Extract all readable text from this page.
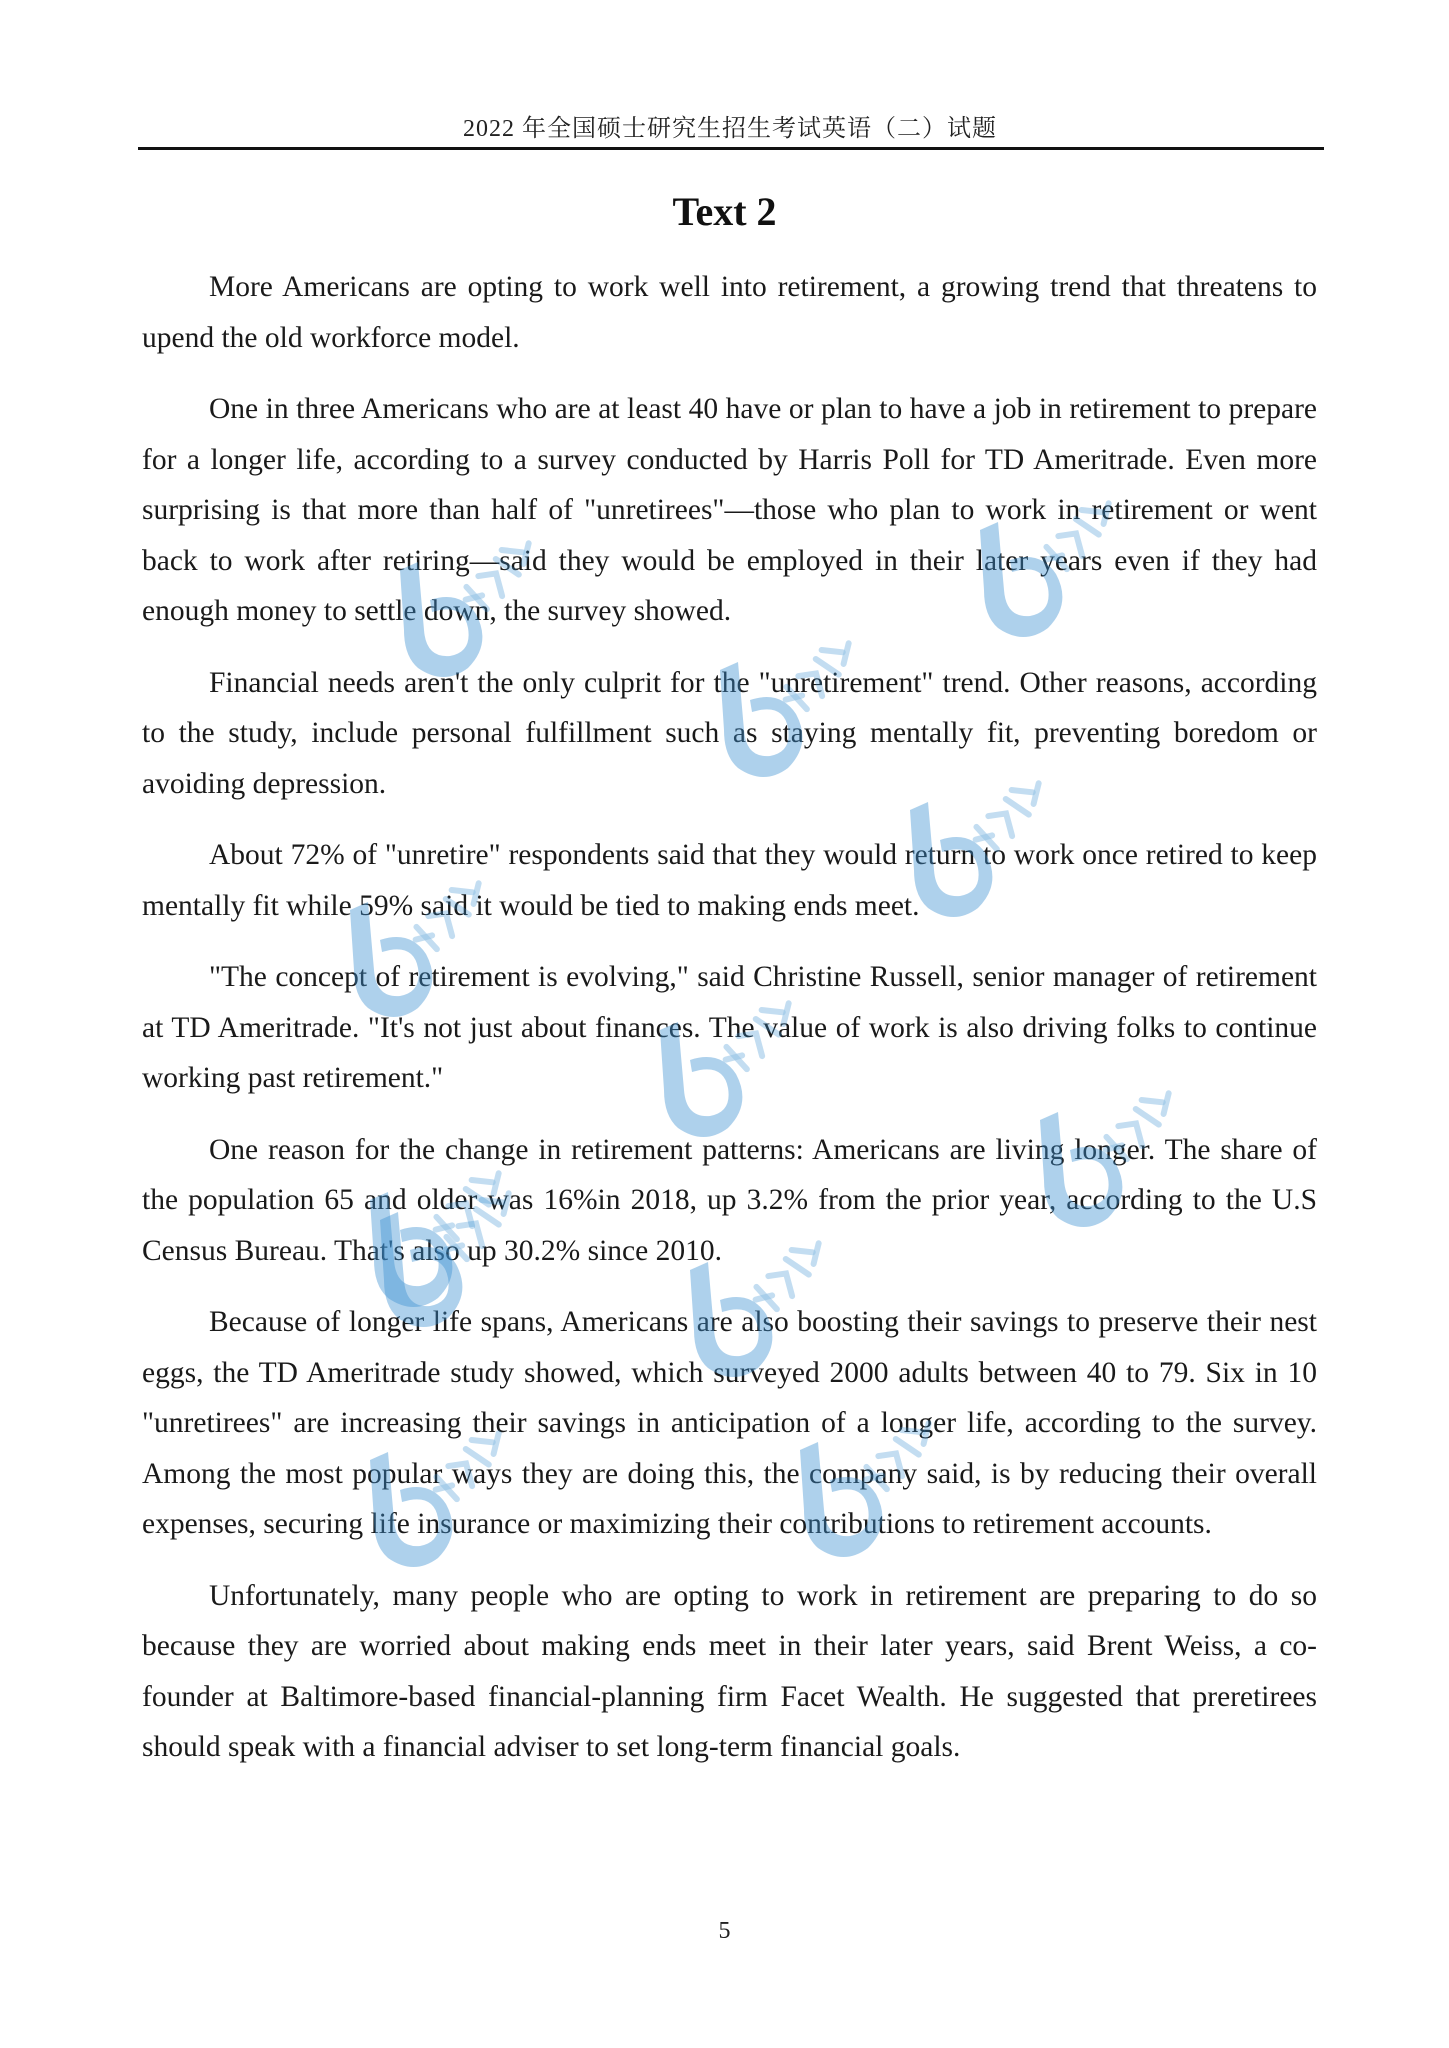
2022 年全国硕士研究生招生考试英语（二）试题
Text 2

More Americans are opting to work well into retirement, a growing trend that threatens to upend the old workforce model.

One in three Americans who are at least 40 have or plan to have a job in retirement to prepare for a longer life, according to a survey conducted by Harris Poll for TD Ameritrade. Even more surprising is that more than half of "unretirees"—those who plan to work in retirement or went back to work after retiring—said they would be employed in their later years even if they had enough money to settle down, the survey showed.

Financial needs aren't the only culprit for the "unretirement" trend. Other reasons, according to the study, include personal fulfillment such as staying mentally fit, preventing boredom or avoiding depression.

About 72% of "unretire" respondents said that they would return to work once retired to keep mentally fit while 59% said it would be tied to making ends meet.

"The concept of retirement is evolving," said Christine Russell, senior manager of retirement at TD Ameritrade. "It's not just about finances. The value of work is also driving folks to continue working past retirement."

One reason for the change in retirement patterns: Americans are living longer. The share of the population 65 and older was 16%in 2018, up 3.2% from the prior year, according to the U.S Census Bureau. That's also up 30.2% since 2010.

Because of longer life spans, Americans are also boosting their savings to preserve their nest eggs, the TD Ameritrade study showed, which surveyed 2000 adults between 40 to 79. Six in 10 "unretirees" are increasing their savings in anticipation of a longer life, according to the survey. Among the most popular ways they are doing this, the company said, is by reducing their overall expenses, securing life insurance or maximizing their contributions to retirement accounts.

Unfortunately, many people who are opting to work in retirement are preparing to do so because they are worried about making ends meet in their later years, said Brent Weiss, a co-founder at Baltimore-based financial-planning firm Facet Wealth. He suggested that preretirees should speak with a financial adviser to set long-term financial goals.

5
